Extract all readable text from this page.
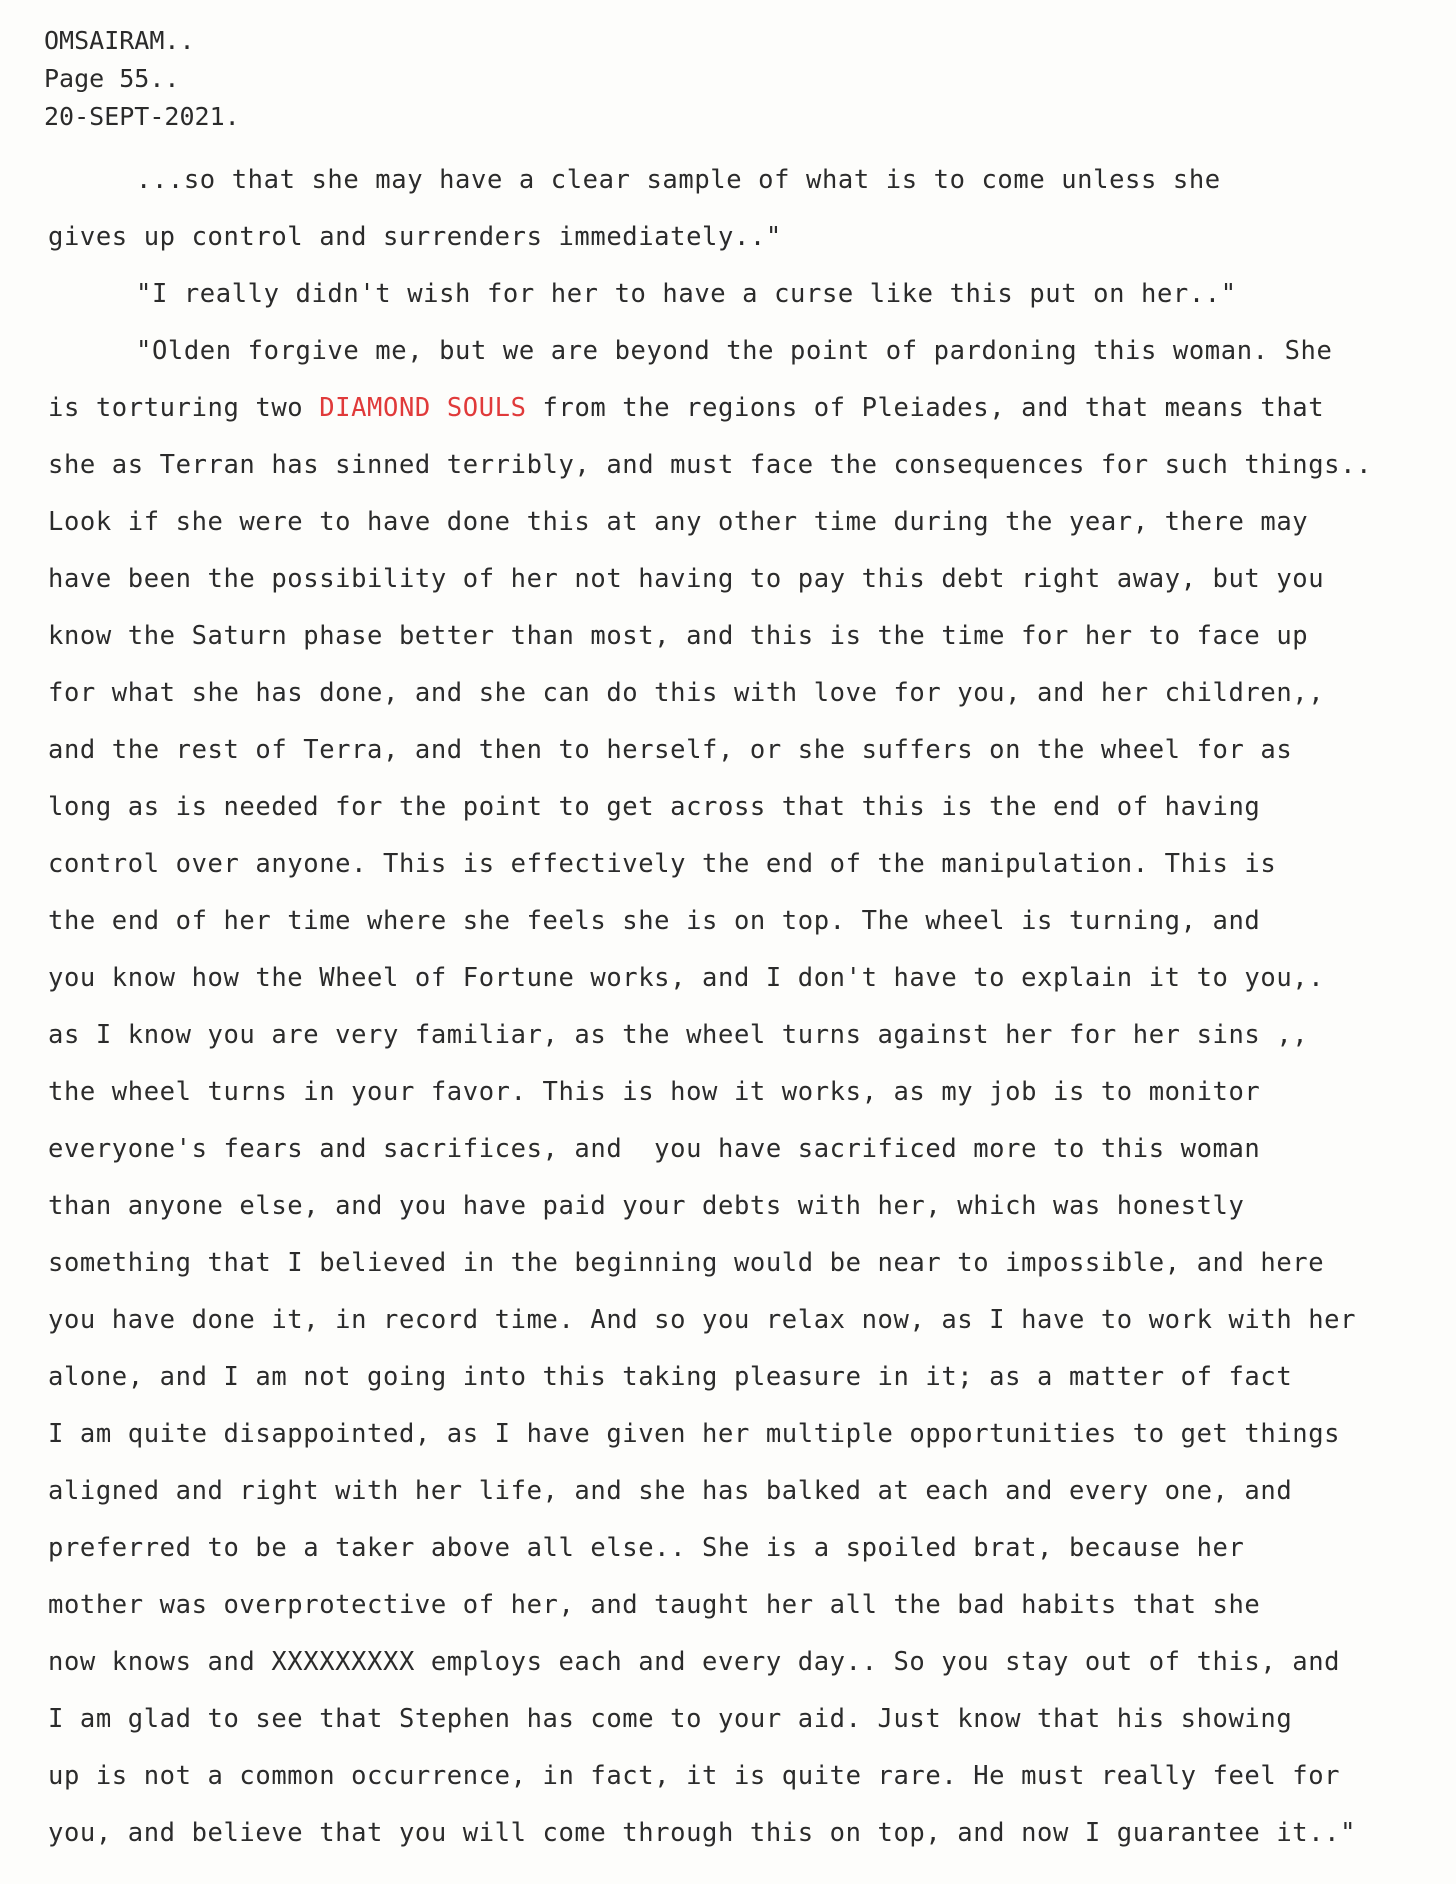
OMSAIRAM..
Page 55..
20-SEPT-2021.
...so that she may have a clear sample of what is to come unless she
gives up control and surrenders immediately.."
"I really didn't wish for her to have a curse like this put on her.."
"Olden forgive me, but we are beyond the point of pardoning this woman. She
is torturing two DIAMOND SOULS from the regions of Pleiades, and that means that
she as Terran has sinned terribly, and must face the consequences for such things..
Look if she were to have done this at any other time during the year, there may
have been the possibility of her not having to pay this debt right away, but you
know the Saturn phase better than most, and this is the time for her to face up
for what she has done, and she can do this with love for you, and her children,,
and the rest of Terra, and then to herself, or she suffers on the wheel for as
long as is needed for the point to get across that this is the end of having
control over anyone. This is effectively the end of the manipulation. This is
the end of her time where she feels she is on top. The wheel is turning, and
you know how the Wheel of Fortune works, and I don't have to explain it to you,.
as I know you are very familiar, as the wheel turns against her for her sins ,,
the wheel turns in your favor. This is how it works, as my job is to monitor
everyone's fears and sacrifices, and  you have sacrificed more to this woman
than anyone else, and you have paid your debts with her, which was honestly
something that I believed in the beginning would be near to impossible, and here
you have done it, in record time. And so you relax now, as I have to work with her
alone, and I am not going into this taking pleasure in it; as a matter of fact
I am quite disappointed, as I have given her multiple opportunities to get things
aligned and right with her life, and she has balked at each and every one, and
preferred to be a taker above all else.. She is a spoiled brat, because her
mother was overprotective of her, and taught her all the bad habits that she
now knows and XXXXXXXXX employs each and every day.. So you stay out of this, and
I am glad to see that Stephen has come to your aid. Just know that his showing
up is not a common occurrence, in fact, it is quite rare. He must really feel for
you, and believe that you will come through this on top, and now I guarantee it.."
